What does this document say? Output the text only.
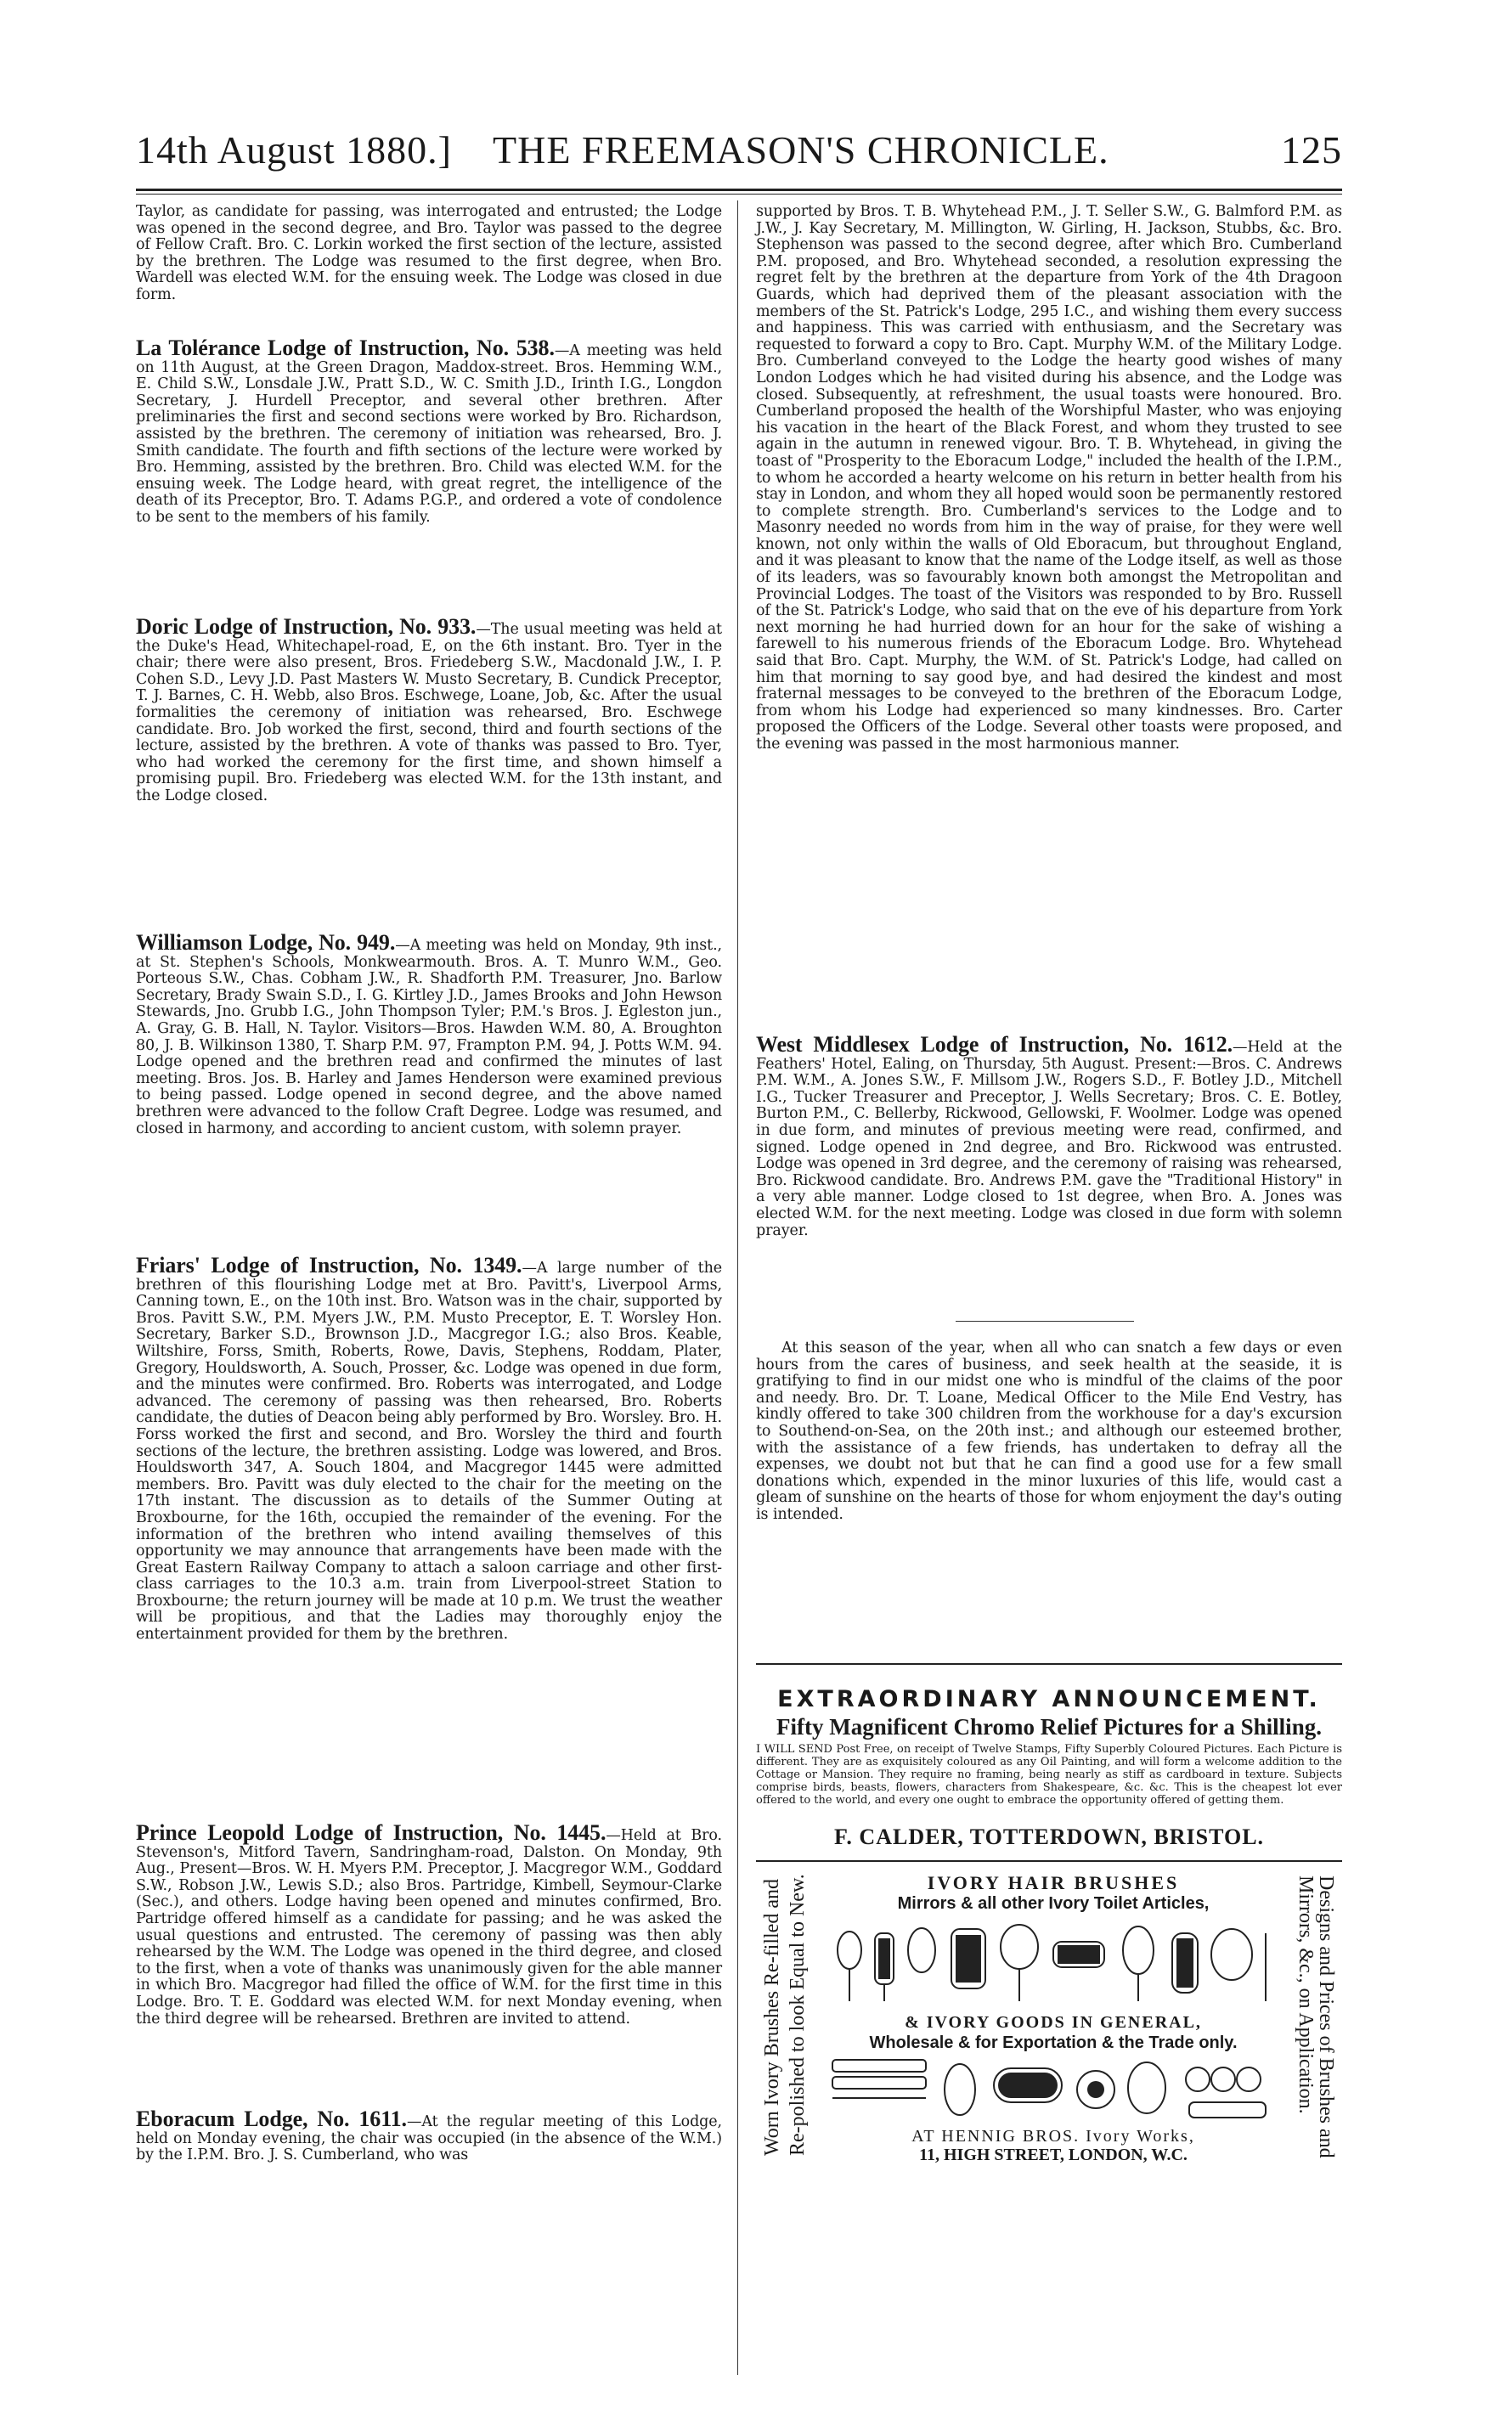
14th August 1880.] THE FREEMASON'S CHRONICLE.	125

Taylor, as candidate for passing, was interrogated and entrusted; the Lodge was opened in the second degree, and Bro. Taylor was passed to the degree of Fellow Craft. Bro. C. Lorkin worked the first section of the lecture, assisted by the brethren. The Lodge was resumed to the first degree, when Bro. Wardell was elected W.M. for the ensuing week. The Lodge was closed in due form.

La Tolérance Lodge of Instruction, No. 538.—A meeting was held on 11th August, at the Green Dragon, Maddox-street. Bros. Hemming W.M., E. Child S.W., Lonsdale J.W., Pratt S.D., W. C. Smith J.D., Irinth I.G., Longdon Secretary, J. Hurdell Preceptor, and several other brethren. After preliminaries the first and second sections were worked by Bro. Richardson, assisted by the brethren. The ceremony of initiation was rehearsed, Bro. J. Smith candidate. The fourth and fifth sections of the lecture were worked by Bro. Hemming, assisted by the brethren. Bro. Child was elected W.M. for the ensuing week. The Lodge heard, with great regret, the intelligence of the death of its Preceptor, Bro. T. Adams P.G.P., and ordered a vote of condolence to be sent to the members of his family.

Doric Lodge of Instruction, No. 933.—The usual meeting was held at the Duke's Head, Whitechapel-road, E, on the 6th instant. Bro. Tyer in the chair; there were also present, Bros. Friedeberg S.W., Macdonald J.W., I. P. Cohen S.D., Levy J.D. Past Masters W. Musto Secretary, B. Cundick Preceptor, T. J. Barnes, C. H. Webb, also Bros. Eschwege, Loane, Job, &c. After the usual formalities the ceremony of initiation was rehearsed, Bro. Eschwege candidate. Bro. Job worked the first, second, third and fourth sections of the lecture, assisted by the brethren. A vote of thanks was passed to Bro. Tyer, who had worked the ceremony for the first time, and shown himself a promising pupil. Bro. Friedeberg was elected W.M. for the 13th instant, and the Lodge closed.

Williamson Lodge, No. 949.—A meeting was held on Monday, 9th inst., at St. Stephen's Schools, Monkwearmouth. Bros. A. T. Munro W.M., Geo. Porteous S.W., Chas. Cobham J.W., R. Shadforth P.M. Treasurer, Jno. Barlow Secretary, Brady Swain S.D., I. G. Kirtley J.D., James Brooks and John Hewson Stewards, Jno. Grubb I.G., John Thompson Tyler; P.M.'s Bros. J. Egleston jun., A. Gray, G. B. Hall, N. Taylor. Visitors—Bros. Hawden W.M. 80, A. Broughton 80, J. B. Wilkinson 1380, T. Sharp P.M. 97, Frampton P.M. 94, J. Potts W.M. 94. Lodge opened and the brethren read and confirmed the minutes of last meeting. Bros. Jos. B. Harley and James Henderson were examined previous to being passed. Lodge opened in second degree, and the above named brethren were advanced to the follow Craft Degree. Lodge was resumed, and closed in harmony, and according to ancient custom, with solemn prayer.

Friars' Lodge of Instruction, No. 1349.—A large number of the brethren of this flourishing Lodge met at Bro. Pavitt's, Liverpool Arms, Canning town, E., on the 10th inst. Bro. Watson was in the chair, supported by Bros. Pavitt S.W., P.M. Myers J.W., P.M. Musto Preceptor, E. T. Worsley Hon. Secretary, Barker S.D., Brownson J.D., Macgregor I.G.; also Bros. Keable, Wiltshire, Forss, Smith, Roberts, Rowe, Davis, Stephens, Roddam, Plater, Gregory, Houldsworth, A. Souch, Prosser, &c. Lodge was opened in due form, and the minutes were confirmed. Bro. Roberts was interrogated, and Lodge advanced. The ceremony of passing was then rehearsed, Bro. Roberts candidate, the duties of Deacon being ably performed by Bro. Worsley. Bro. H. Forss worked the first and second, and Bro. Worsley the third and fourth sections of the lecture, the brethren assisting. Lodge was lowered, and Bros. Houldsworth 347, A. Souch 1804, and Macgregor 1445 were admitted members. Bro. Pavitt was duly elected to the chair for the meeting on the 17th instant. The discussion as to details of the Summer Outing at Broxbourne, for the 16th, occupied the remainder of the evening. For the information of the brethren who intend availing themselves of this opportunity we may announce that arrangements have been made with the Great Eastern Railway Company to attach a saloon carriage and other first-class carriages to the 10.3 a.m. train from Liverpool-street Station to Broxbourne; the return journey will be made at 10 p.m. We trust the weather will be propitious, and that the Ladies may thoroughly enjoy the entertainment provided for them by the brethren.

Prince Leopold Lodge of Instruction, No. 1445.—Held at Bro. Stevenson's, Mitford Tavern, Sandringham-road, Dalston. On Monday, 9th Aug., Present—Bros. W. H. Myers P.M. Preceptor, J. Macgregor W.M., Goddard S.W., Robson J.W., Lewis S.D.; also Bros. Partridge, Kimbell, Seymour-Clarke (Sec.), and others. Lodge having been opened and minutes confirmed, Bro. Partridge offered himself as a candidate for passing; and he was asked the usual questions and entrusted. The ceremony of passing was then ably rehearsed by the W.M. The Lodge was opened in the third degree, and closed to the first, when a vote of thanks was unanimously given for the able manner in which Bro. Macgregor had filled the office of W.M. for the first time in this Lodge. Bro. T. E. Goddard was elected W.M. for next Monday evening, when the third degree will be rehearsed. Brethren are invited to attend.

Eboracum Lodge, No. 1611.—At the regular meeting of this Lodge, held on Monday evening, the chair was occupied (in the absence of the W.M.) by the I.P.M. Bro. J. S. Cumberland, who was

supported by Bros. T. B. Whytehead P.M., J. T. Seller S.W., G. Balmford P.M. as J.W., J. Kay Secretary, M. Millington, W. Girling, H. Jackson, Stubbs, &c. Bro. Stephenson was passed to the second degree, after which Bro. Cumberland P.M. proposed, and Bro. Whytehead seconded, a resolution expressing the regret felt by the brethren at the departure from York of the 4th Dragoon Guards, which had deprived them of the pleasant association with the members of the St. Patrick's Lodge, 295 I.C., and wishing them every success and happiness. This was carried with enthusiasm, and the Secretary was requested to forward a copy to Bro. Capt. Murphy W.M. of the Military Lodge. Bro. Cumberland conveyed to the Lodge the hearty good wishes of many London Lodges which he had visited during his absence, and the Lodge was closed. Subsequently, at refreshment, the usual toasts were honoured. Bro. Cumberland proposed the health of the Worshipful Master, who was enjoying his vacation in the heart of the Black Forest, and whom they trusted to see again in the autumn in renewed vigour. Bro. T. B. Whytehead, in giving the toast of "Prosperity to the Eboracum Lodge," included the health of the I.P.M., to whom he accorded a hearty welcome on his return in better health from his stay in London, and whom they all hoped would soon be permanently restored to complete strength. Bro. Cumberland's services to the Lodge and to Masonry needed no words from him in the way of praise, for they were well known, not only within the walls of Old Eboracum, but throughout England, and it was pleasant to know that the name of the Lodge itself, as well as those of its leaders, was so favourably known both amongst the Metropolitan and Provincial Lodges. The toast of the Visitors was responded to by Bro. Russell of the St. Patrick's Lodge, who said that on the eve of his departure from York next morning he had hurried down for an hour for the sake of wishing a farewell to his numerous friends of the Eboracum Lodge. Bro. Whytehead said that Bro. Capt. Murphy, the W.M. of St. Patrick's Lodge, had called on him that morning to say good bye, and had desired the kindest and most fraternal messages to be conveyed to the brethren of the Eboracum Lodge, from whom his Lodge had experienced so many kindnesses. Bro. Carter proposed the Officers of the Lodge. Several other toasts were proposed, and the evening was passed in the most harmonious manner.

West Middlesex Lodge of Instruction, No. 1612.—Held at the Feathers' Hotel, Ealing, on Thursday, 5th August. Present:—Bros. C. Andrews P.M. W.M., A. Jones S.W., F. Millsom J.W., Rogers S.D., F. Botley J.D., Mitchell I.G., Tucker Treasurer and Preceptor, J. Wells Secretary; Bros. C. E. Botley, Burton P.M., C. Bellerby, Rickwood, Gellowski, F. Woolmer. Lodge was opened in due form, and minutes of previous meeting were read, confirmed, and signed. Lodge opened in 2nd degree, and Bro. Rickwood was entrusted. Lodge was opened in 3rd degree, and the ceremony of raising was rehearsed, Bro. Rickwood candidate. Bro. Andrews P.M. gave the "Traditional History" in a very able manner. Lodge closed to 1st degree, when Bro. A. Jones was elected W.M. for the next meeting. Lodge was closed in due form with solemn prayer.

At this season of the year, when all who can snatch a few days or even hours from the cares of business, and seek health at the seaside, it is gratifying to find in our midst one who is mindful of the claims of the poor and needy. Bro. Dr. T. Loane, Medical Officer to the Mile End Vestry, has kindly offered to take 300 children from the workhouse for a day's excursion to Southend-on-Sea, on the 20th inst.; and although our esteemed brother, with the assistance of a few friends, has undertaken to defray all the expenses, we doubt not but that he can find a good use for a few small donations which, expended in the minor luxuries of this life, would cast a gleam of sunshine on the hearts of those for whom enjoyment the day's outing is intended.

EXTRAORDINARY ANNOUNCEMENT.
Fifty Magnificent Chromo Relief Pictures for a Shilling.
I WILL SEND Post Free, on receipt of Twelve Stamps, Fifty Superbly Coloured Pictures. Each Picture is different. They are as exquisitely coloured as any Oil Painting, and will form a welcome addition to the Cottage or Mansion. They require no framing, being nearly as stiff as cardboard in texture. Subjects comprise birds, beasts, flowers, characters from Shakespeare, &c. &c. This is the cheapest lot ever offered to the world, and every one ought to embrace the opportunity offered of getting them.
F. CALDER, TOTTERDOWN, BRISTOL.
Worn Ivory Brushes Re-filled and Re-polished to look Equal to New.	Designs and Prices of Brushes and
Mirrors, &c., on Application.
IVORY HAIR BRUSHES
Mirrors & all other Ivory Toilet Articles,
& IVORY GOODS IN GENERAL,
Wholesale & for Exportation & the Trade only.
AT HENNIG BROS. Ivory Works,
11, HIGH STREET, LONDON, W.C.
